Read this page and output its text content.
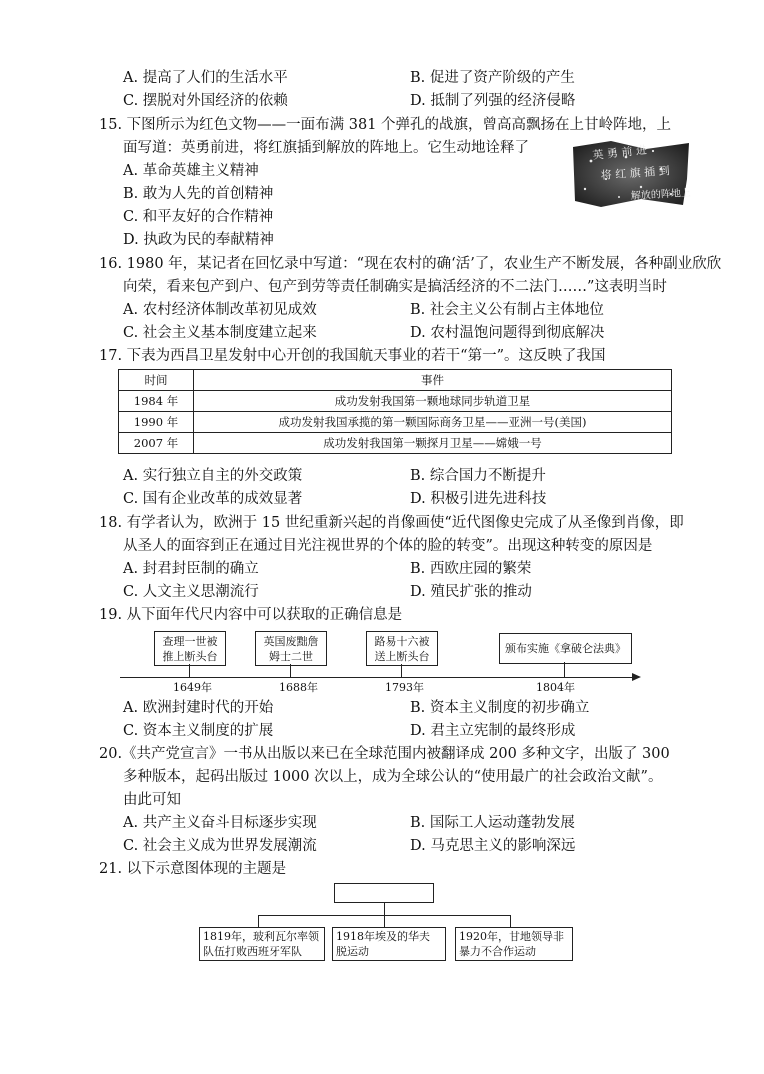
A. 提高了人们的生活水平	B. 促进了资产阶级的产生
C. 摆脱对外国经济的依赖	D. 抵制了列强的经济侵略
15. 下图所示为红色文物——一面布满 381 个弹孔的战旗，曾高高飘扬在上甘岭阵地，上
面写道：英勇前进，将红旗插到解放的阵地上。它生动地诠释了
A. 革命英雄主义精神
B. 敢为人先的首创精神
C. 和平友好的合作精神
D. 执政为民的奉献精神
英 勇 前 进
将 红 旗 插 到
解放的阵地上
16. 1980 年，某记者在回忆录中写道：“现在农村的确‘活’了，农业生产不断发展，各种副业欣欣
向荣，看来包产到户、包产到劳等责任制确实是搞活经济的不二法门……”这表明当时
A. 农村经济体制改革初见成效	B. 社会主义公有制占主体地位
C. 社会主义基本制度建立起来	D. 农村温饱问题得到彻底解决
17. 下表为西昌卫星发射中心开创的我国航天事业的若干“第一”。这反映了我国
时间	事件
1984 年	成功发射我国第一颗地球同步轨道卫星
1990 年	成功发射我国承揽的第一颗国际商务卫星——亚洲一号(美国)
2007 年	成功发射我国第一颗探月卫星——嫦娥一号
A. 实行独立自主的外交政策	B. 综合国力不断提升
C. 国有企业改革的成效显著	D. 积极引进先进科技
18. 有学者认为，欧洲于 15 世纪重新兴起的肖像画使“近代图像史完成了从圣像到肖像，即
从圣人的面容到正在通过目光注视世界的个体的脸的转变”。出现这种转变的原因是
A. 封君封臣制的确立	B. 西欧庄园的繁荣
C. 人文主义思潮流行	D. 殖民扩张的推动
19. 从下面年代尺内容中可以获取的正确信息是
查理一世被推上断头台
英国废黜詹姆士二世
路易十六被送上断头台
颁布实施《拿破仑法典》
1649年	1688年	1793年	1804年
A. 欧洲封建时代的开始	B. 资本主义制度的初步确立
C. 资本主义制度的扩展	D. 君主立宪制的最终形成
20.《共产党宣言》一书从出版以来已在全球范围内被翻译成 200 多种文字，出版了 300
多种版本，起码出版过 1000 次以上，成为全球公认的“使用最广的社会政治文献”。
由此可知
A. 共产主义奋斗目标逐步实现	B. 国际工人运动蓬勃发展
C. 社会主义成为世界发展潮流	D. 马克思主义的影响深远
21. 以下示意图体现的主题是
1819年，玻利瓦尔率领
队伍打败西班牙军队
1918年埃及的华夫
脱运动
1920年，甘地领导非
暴力不合作运动
